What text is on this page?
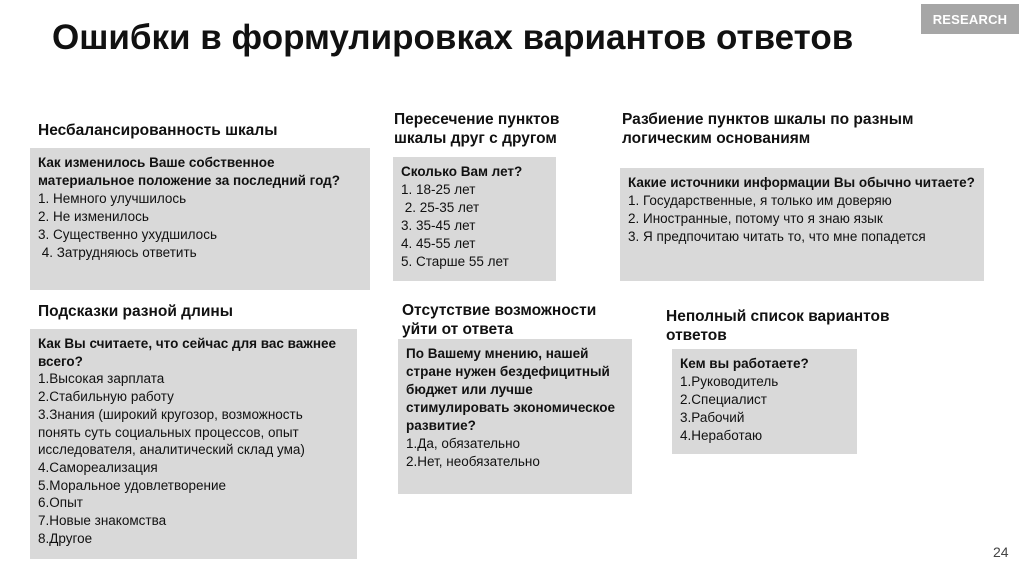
RESEARCH
Ошибки в формулировках вариантов ответов
Несбалансированность шкалы

Как изменилось Ваше собственное материальное положение за последний год?

1. Немного улучшилось

2. Не изменилось

3. Существенно ухудшилось

4. Затрудняюсь ответить

Пересечение пунктов шкалы друг с другом

Сколько Вам лет?

1. 18-25 лет

2. 25-35 лет

3. 35-45 лет

4. 45-55 лет

5. Старше 55 лет

Разбиение пунктов шкалы по разным логическим основаниям

Какие источники информации Вы обычно читаете?

1. Государственные, я только им доверяю

2. Иностранные, потому что я знаю язык

3. Я предпочитаю читать то, что мне попадется

Подсказки разной длины

Как Вы считаете, что сейчас для вас важнее всего?

1.Высокая зарплата

2.Стабильную работу

3.Знания (широкий кругозор, возможность понять суть социальных процессов, опыт исследователя, аналитический склад ума)

4.Самореализация

5.Моральное удовлетворение

6.Опыт

7.Новые знакомства

8.Другое

Отсутствие возможности уйти от ответа

По Вашему мнению, нашей стране нужен бездефицитный бюджет или лучше стимулировать экономическое развитие?

1.Да, обязательно

2.Нет, необязательно

Неполный список вариантов ответов

Кем вы работаете?

1.Руководитель

2.Специалист

3.Рабочий

4.Неработаю

24
